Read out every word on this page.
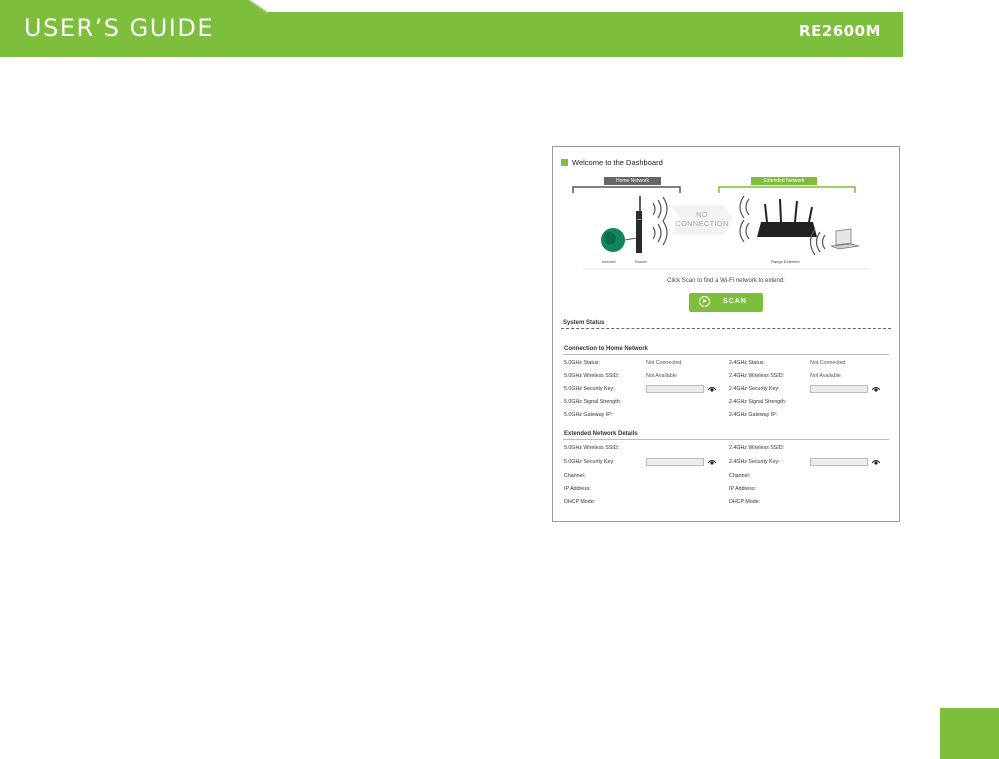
USER’S GUIDE	RE2600M
Welcome to the Dashboard
Home Network	Extended Network
Internet	Router	Range Extender
NO
CONNECTION
Click Scan to find a Wi-Fi network to extend:
SCAN
System Status
Connection to Home Network
5.0GHz Status:	Not Connected
5.0GHz Wireless SSID:	Not Available
5.0GHz Security Key:
5.0GHz Signal Strength:
5.0GHz Gateway IP:
2.4GHz Status:	Not Connected
2.4GHz Wireless SSID:	Not Available
2.4GHz Security Key:
2.4GHz Signal Strength:
2.4GHz Gateway IP:
Extended Network Details
5.0GHz Wireless SSID:
5.0GHz Security Key:
Channel:
IP Address:
DHCP Mode:
2.4GHz Wireless SSID:
2.4GHz Security Key:
Channel:
IP Address:
DHCP Mode:
